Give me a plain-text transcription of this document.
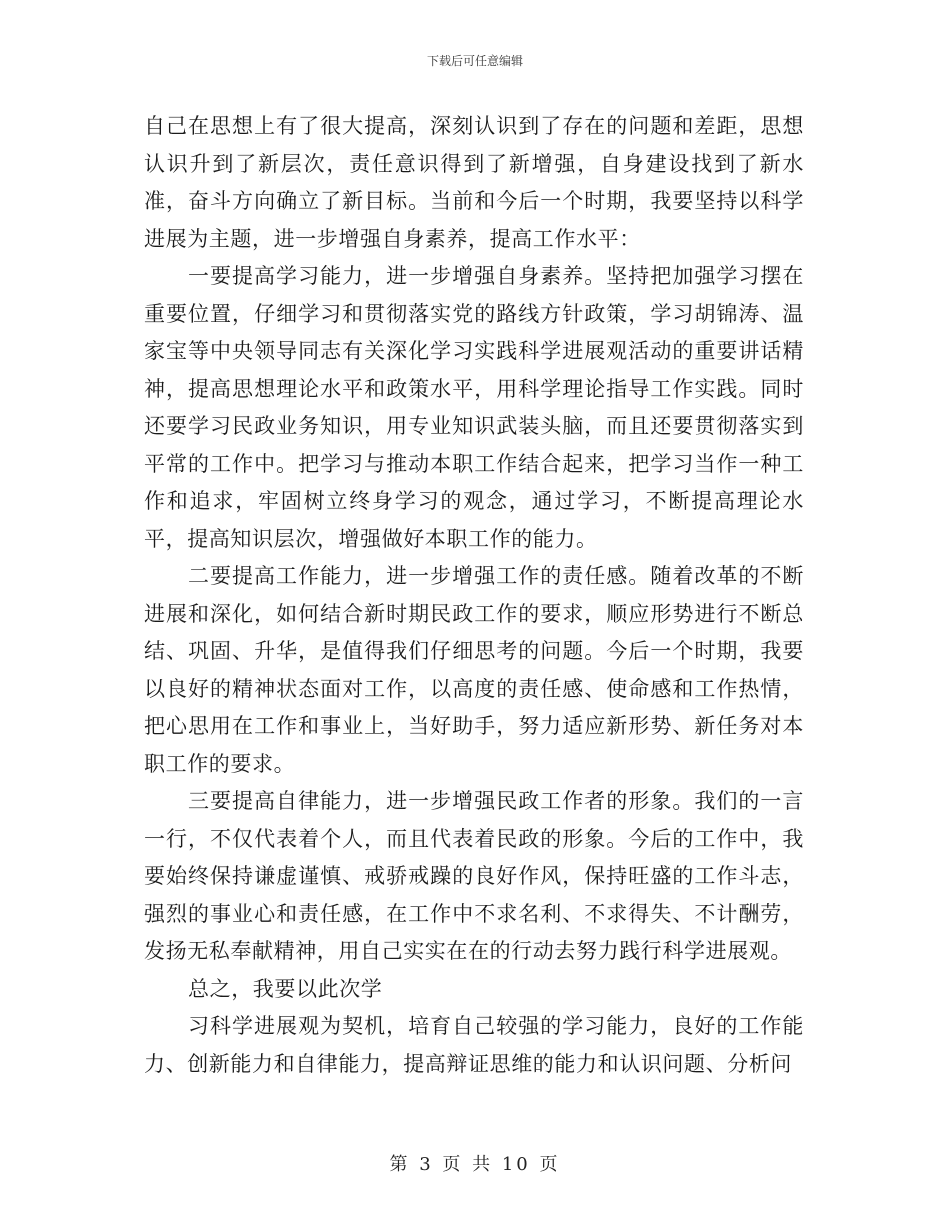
下载后可任意编辑

自己在思想上有了很大提高，深刻认识到了存在的问题和差距，思想认识升到了新层次，责任意识得到了新增强，自身建设找到了新水准，奋斗方向确立了新目标。当前和今后一个时期，我要坚持以科学进展为主题，进一步增强自身素养，提高工作水平：

一要提高学习能力，进一步增强自身素养。坚持把加强学习摆在重要位置，仔细学习和贯彻落实党的路线方针政策，学习胡锦涛、温家宝等中央领导同志有关深化学习实践科学进展观活动的重要讲话精神，提高思想理论水平和政策水平，用科学理论指导工作实践。同时还要学习民政业务知识，用专业知识武装头脑，而且还要贯彻落实到平常的工作中。把学习与推动本职工作结合起来，把学习当作一种工作和追求，牢固树立终身学习的观念，通过学习，不断提高理论水平，提高知识层次，增强做好本职工作的能力。

二要提高工作能力，进一步增强工作的责任感。随着改革的不断进展和深化，如何结合新时期民政工作的要求，顺应形势进行不断总结、巩固、升华，是值得我们仔细思考的问题。今后一个时期，我要以良好的精神状态面对工作，以高度的责任感、使命感和工作热情，把心思用在工作和事业上，当好助手，努力适应新形势、新任务对本职工作的要求。

三要提高自律能力，进一步增强民政工作者的形象。我们的一言一行，不仅代表着个人，而且代表着民政的形象。今后的工作中，我要始终保持谦虚谨慎、戒骄戒躁的良好作风，保持旺盛的工作斗志，强烈的事业心和责任感，在工作中不求名利、不求得失、不计酬劳，发扬无私奉献精神，用自己实实在在的行动去努力践行科学进展观。

总之，我要以此次学

习科学进展观为契机，培育自己较强的学习能力，良好的工作能力、创新能力和自律能力，提高辩证思维的能力和认识问题、分析问

第 3 页 共 10 页
